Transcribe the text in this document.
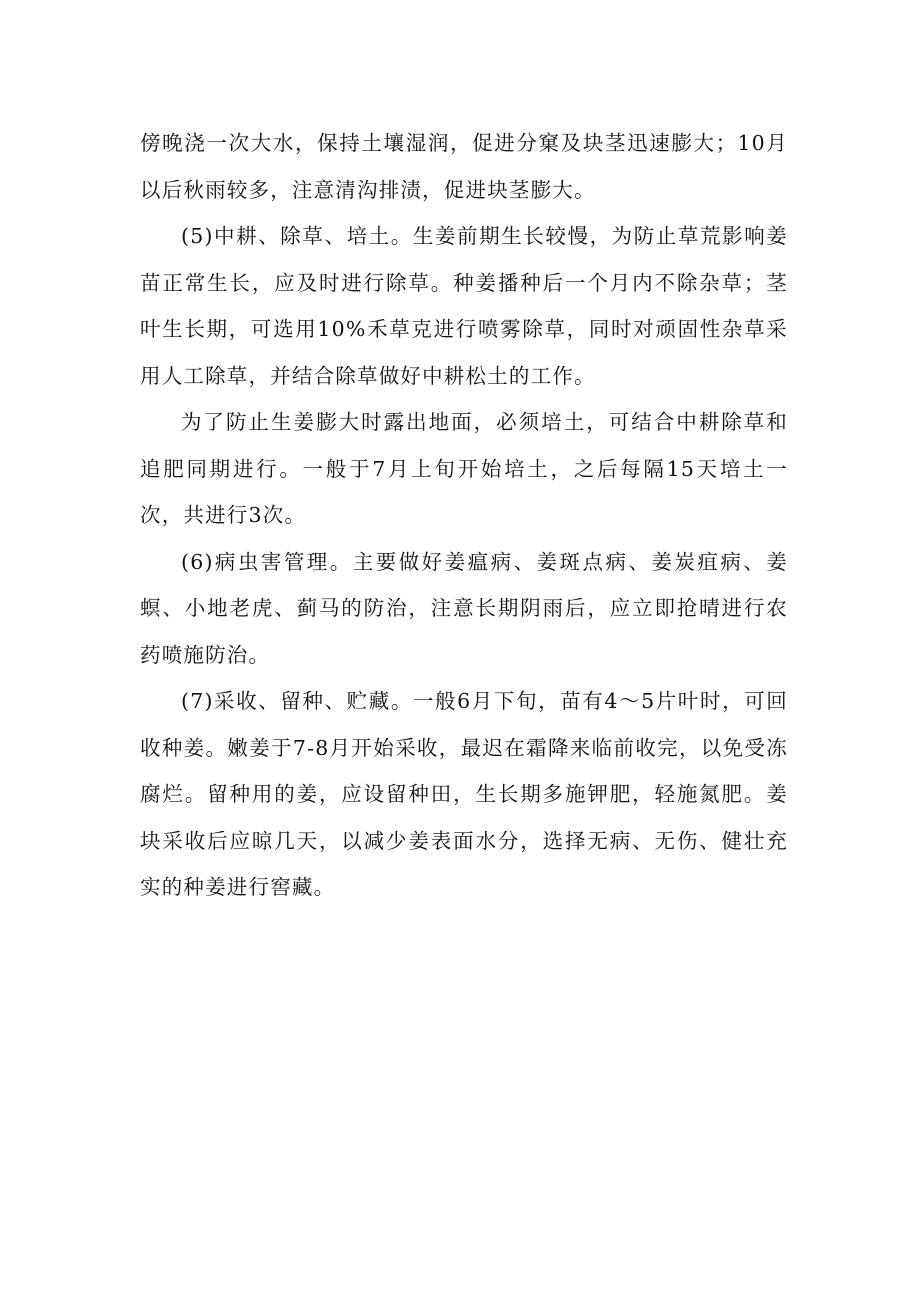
傍晚浇一次大水，保持土壤湿润，促进分窠及块茎迅速膨大；10月以后秋雨较多，注意清沟排渍，促进块茎膨大。

(5)中耕、除草、培土。生姜前期生长较慢，为防止草荒影响姜苗正常生长，应及时进行除草。种姜播种后一个月内不除杂草；茎叶生长期，可选用10%禾草克进行喷雾除草，同时对顽固性杂草采用人工除草，并结合除草做好中耕松土的工作。

为了防止生姜膨大时露出地面，必须培土，可结合中耕除草和追肥同期进行。一般于7月上旬开始培土，之后每隔15天培土一次，共进行3次。

(6)病虫害管理。主要做好姜瘟病、姜斑点病、姜炭疽病、姜螟、小地老虎、蓟马的防治，注意长期阴雨后，应立即抢晴进行农药喷施防治。

(7)采收、留种、贮藏。一般6月下旬，苗有4～5片叶时，可回收种姜。嫩姜于7-8月开始采收，最迟在霜降来临前收完，以免受冻腐烂。留种用的姜，应设留种田，生长期多施钾肥，轻施氮肥。姜块采收后应晾几天，以减少姜表面水分，选择无病、无伤、健壮充实的种姜进行窖藏。
